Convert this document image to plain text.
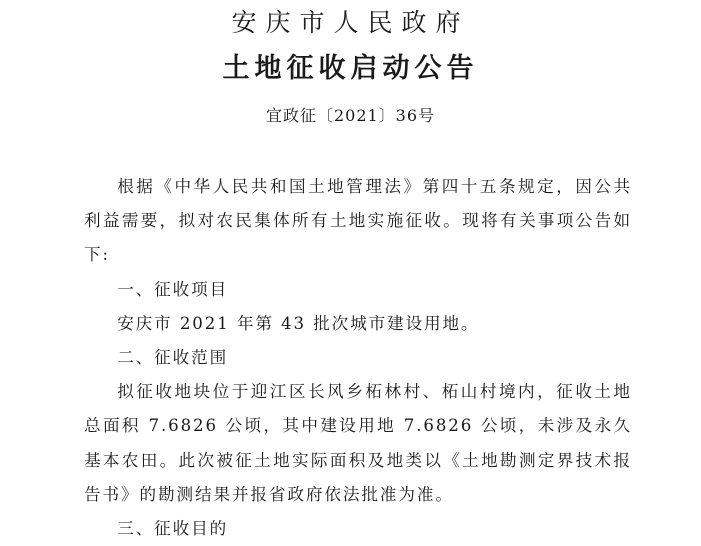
安庆市人民政府
土地征收启动公告
宜政征〔2021〕36号

根据《中华人民共和国土地管理法》第四十五条规定，因公共利益需要，拟对农民集体所有土地实施征收。现将有关事项公告如下:

一、征收项目

安庆市 2021 年第 43 批次城市建设用地。

二、征收范围

拟征收地块位于迎江区长风乡柘林村、柘山村境内，征收土地总面积 7.6826 公顷，其中建设用地 7.6826 公顷，未涉及永久基本农田。此次被征土地实际面积及地类以《土地勘测定界技术报告书》的勘测结果并报省政府依法批准为准。

三、征收目的
